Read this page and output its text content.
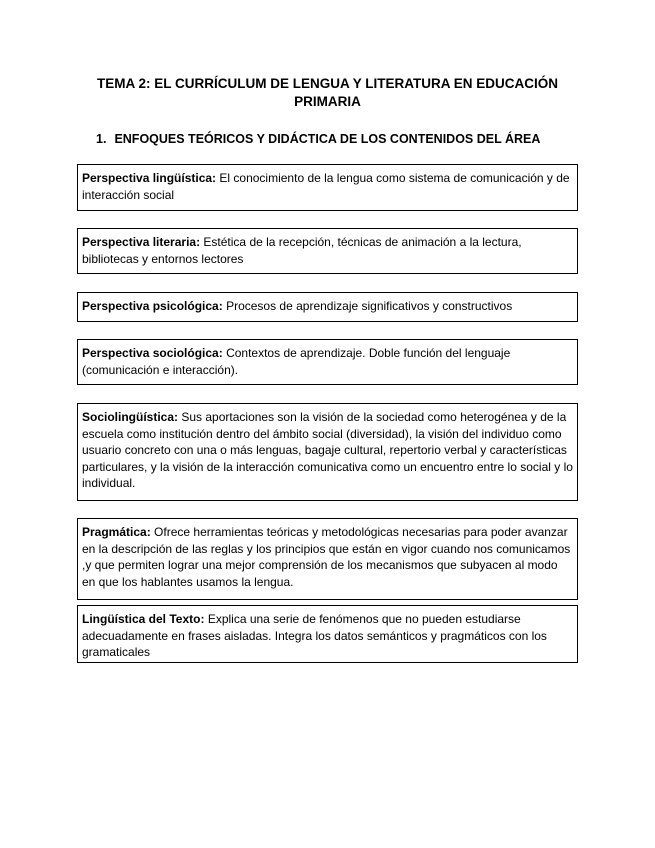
TEMA 2: EL CURRÍCULUM DE LENGUA Y LITERATURA EN EDUCACIÓN PRIMARIA
1. ENFOQUES TEÓRICOS Y DIDÁCTICA DE LOS CONTENIDOS DEL ÁREA
Perspectiva lingüística: El conocimiento de la lengua como sistema de comunicación y de interacción social
Perspectiva literaria: Estética de la recepción, técnicas de animación a la lectura, bibliotecas y entornos lectores
Perspectiva psicológica: Procesos de aprendizaje significativos y constructivos
Perspectiva sociológica: Contextos de aprendizaje. Doble función del lenguaje (comunicación e interacción).
Sociolingüística: Sus aportaciones son la visión de la sociedad como heterogénea y de la escuela como institución dentro del ámbito social (diversidad), la visión del individuo como usuario concreto con una o más lenguas, bagaje cultural, repertorio verbal y características particulares, y la visión de la interacción comunicativa como un encuentro entre lo social y lo individual.
Pragmática: Ofrece herramientas teóricas y metodológicas necesarias para poder avanzar en la descripción de las reglas y los principios que están en vigor cuando nos comunicamos ,y que permiten lograr una mejor comprensión de los mecanismos que subyacen al modo en que los hablantes usamos la lengua.
Lingüística del Texto: Explica una serie de fenómenos que no pueden estudiarse adecuadamente en frases aisladas. Integra los datos semánticos y pragmáticos con los gramaticales
